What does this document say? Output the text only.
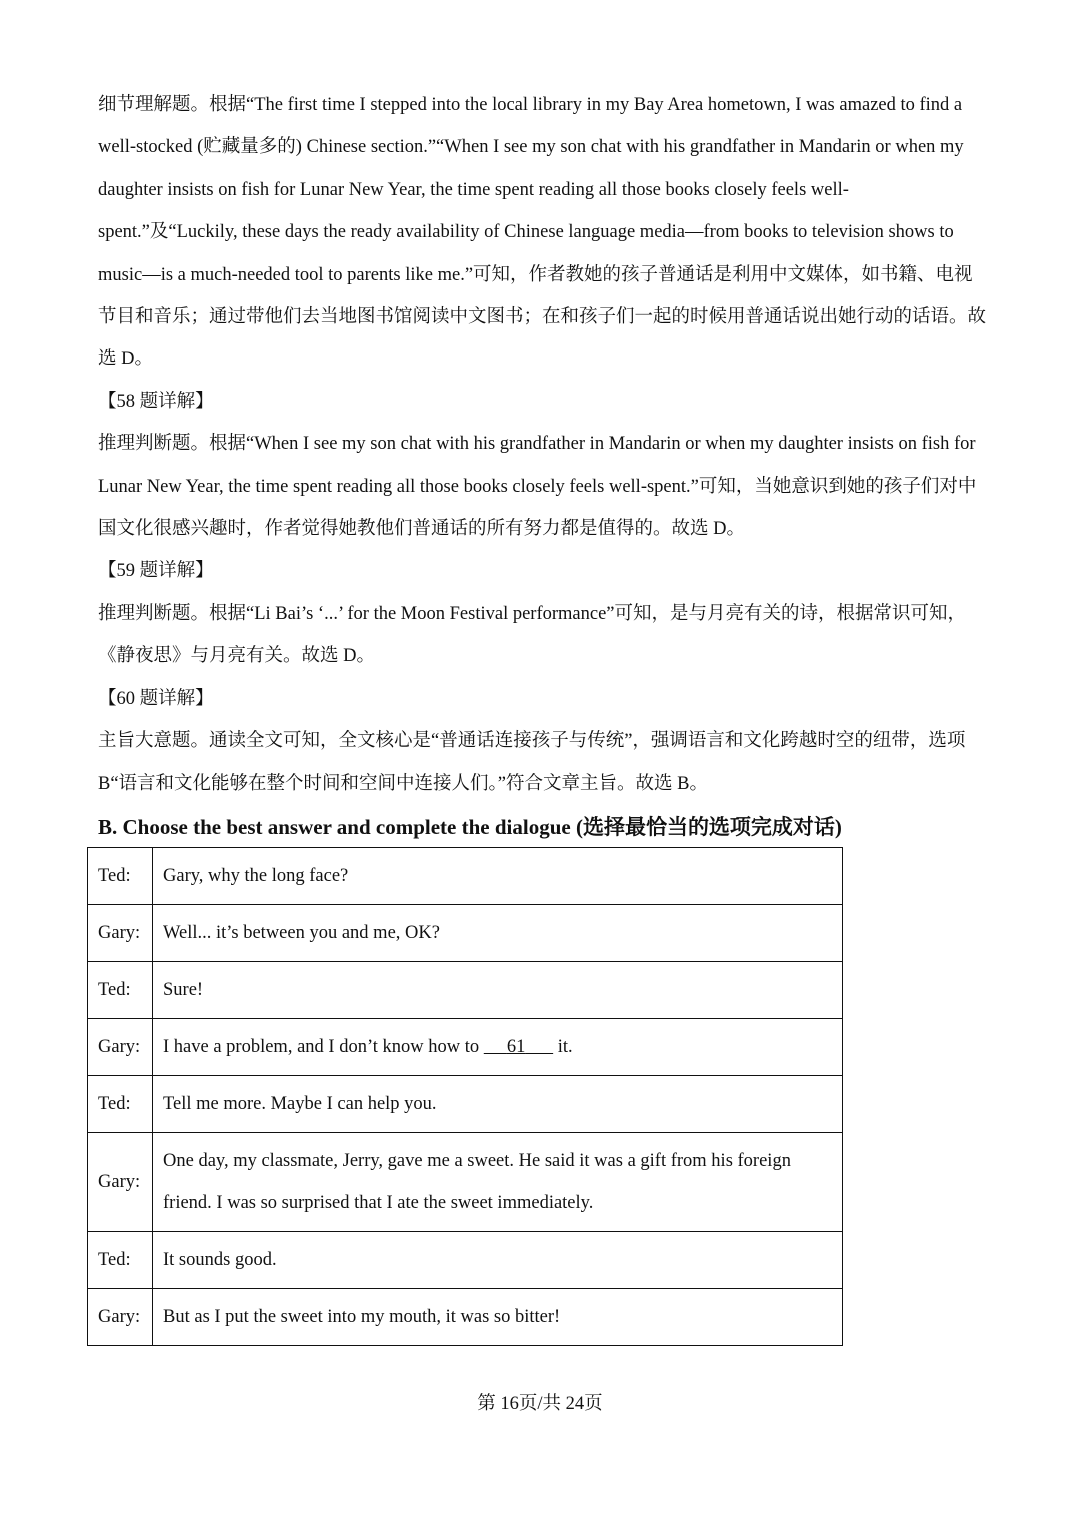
细节理解题。根据“The first time I stepped into the local library in my Bay Area hometown, I was amazed to find a well-stocked (贮藏量多的) Chinese section.”“When I see my son chat with his grandfather in Mandarin or when my daughter insists on fish for Lunar New Year, the time spent reading all those books closely feels well-spent.”及“Luckily, these days the ready availability of Chinese language media—from books to television shows to music—is a much-needed tool to parents like me.”可知，作者教她的孩子普通话是利用中文媒体，如书籍、电视节目和音乐；通过带他们去当地图书馆阅读中文图书；在和孩子们一起的时候用普通话说出她行动的话语。故选 D。

【58 题详解】

推理判断题。根据“When I see my son chat with his grandfather in Mandarin or when my daughter insists on fish for Lunar New Year, the time spent reading all those books closely feels well-spent.”可知，当她意识到她的孩子们对中国文化很感兴趣时，作者觉得她教他们普通话的所有努力都是值得的。故选 D。

【59 题详解】

推理判断题。根据“Li Bai’s ‘...’ for the Moon Festival performance”可知，是与月亮有关的诗，根据常识可知，《静夜思》与月亮有关。故选 D。

【60 题详解】

主旨大意题。通读全文可知，全文核心是“普通话连接孩子与传统”，强调语言和文化跨越时空的纽带，选项 B“语言和文化能够在整个时间和空间中连接人们。”符合文章主旨。故选 B。

B. Choose the best answer and complete the dialogue (选择最恰当的选项完成对话)
Ted:	Gary, why the long face?
Gary:	Well... it’s between you and me, OK?
Ted:	Sure!
Gary:	I have a problem, and I don’t know how to      61       it.
Ted:	Tell me more. Maybe I can help you.
Gary:	One day, my classmate, Jerry, gave me a sweet. He said it was a gift from his foreign friend. I was so surprised that I ate the sweet immediately.
Ted:	It sounds good.
Gary:	But as I put the sweet into my mouth, it was so bitter!
第 16页/共 24页
